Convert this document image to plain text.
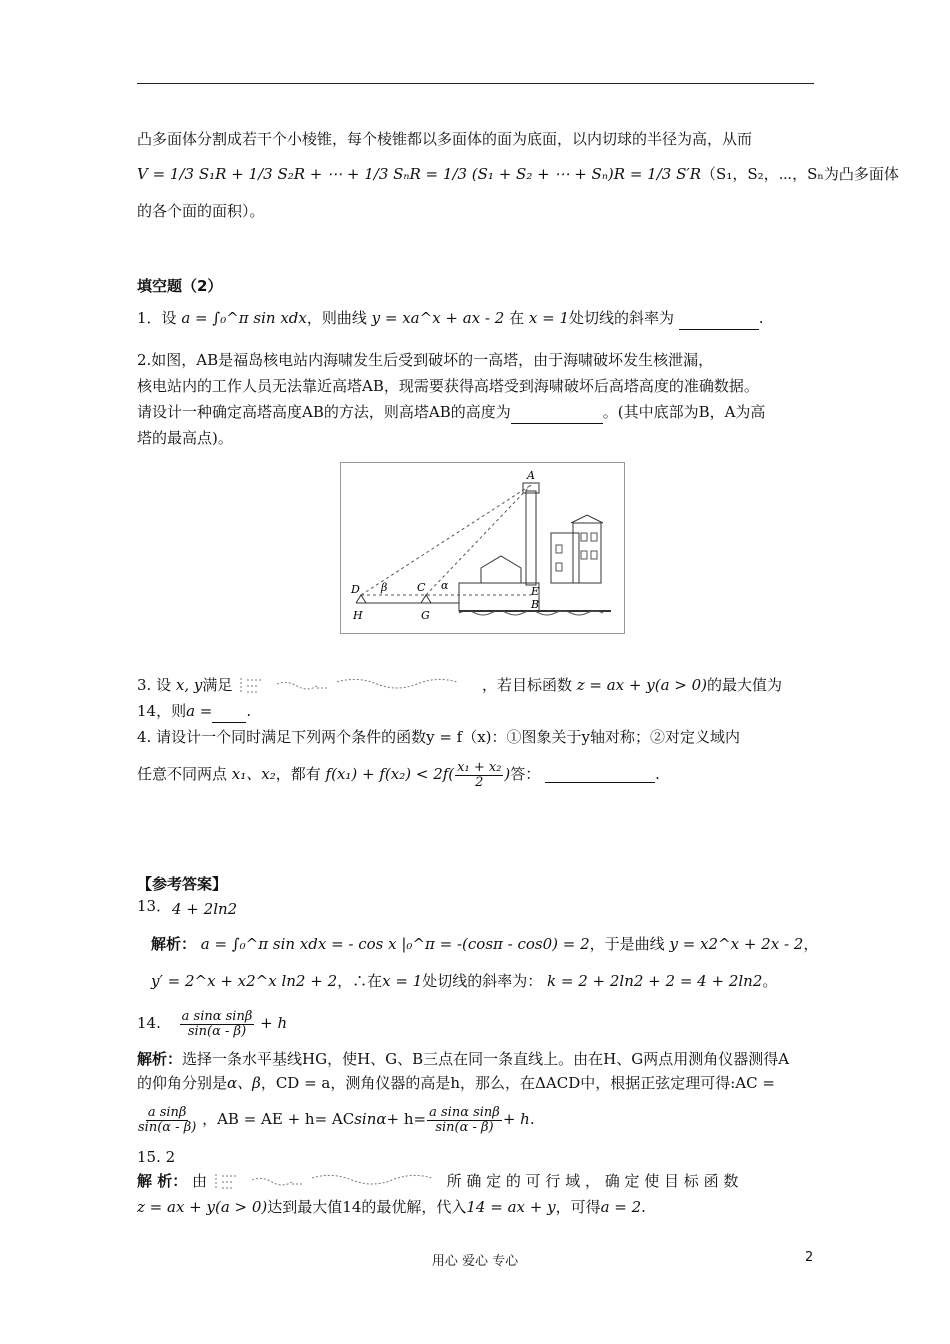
凸多面体分割成若干个小棱锥，每个棱锥都以多面体的面为底面，以内切球的半径为高，从而
V = 1/3 S₁R + 1/3 S₂R + ⋯ + 1/3 SₙR = 1/3 (S₁ + S₂ + ⋯ + Sₙ)R = 1/3 S′R（S₁，S₂，⋯，Sₙ为凸多面体
的各个面的面积）。
填空题（2）
1．设 a = ∫₀^π sin xdx，则曲线 y = xa^x + ax - 2 在 x = 1处切线的斜率为	.
2.如图，AB是福岛核电站内海啸发生后受到破坏的一高塔，由于海啸破坏发生核泄漏，
核电站内的工作人员无法靠近高塔AB，现需要获得高塔受到海啸破坏后高塔高度的准确数据。
请设计一种确定高塔高度AB的方法，则高塔AB的高度为	。(其中底部为B，A为高
塔的最高点)。
A
D β	C α	E
B
H	G
3. 设 x, y满足	，若目标函数 z = ax + y(a > 0)的最大值为
14，则a = .
4. 请设计一个同时满足下列两个条件的函数y = f（x)：①图象关于y轴对称；②对定义域内
任意不同两点 x₁、x₂，都有 $f(x_1) + f(x_2) < 2f( \frac{\text{x₁ + x₂}}{2}$ )答：	.
【参考答案】
13． 4 + 2ln2
解析： a = ∫₀^π sin xdx = - cos x |₀^π = -(cosπ - cos0) = 2，于是曲线 y = x2^x + 2x - 2，
y′ = 2^x + x2^x ln2 + 2，∴在x = 1处切线的斜率为： k = 2 + 2ln2 + 2 = 4 + 2ln2。
14. $\frac{\text{a sinα sinβ}}{\sin(\alpha - \beta)} + h$
解析：选择一条水平基线HG，使H、G、B三点在同一条直线上。由在H、G两点用测角仪器测得A
的仰角分别是α、β，CD = a，测角仪器的高是h，那么，在ΔACD中，根据正弦定理可得:AC =
$\frac{\text{a sinβ}}{\sin(\alpha - \beta)}$ ，AB = AE + $h= ACsin\alpha+ h= \frac{\text{a sinα sinβ}}{\sin(\alpha - \beta)} + h$.
15. 2
解 析： 由	所 确 定 的 可 行 域 ， 确 定 使 目 标 函 数
z = ax + y(a > 0)达到最大值14的最优解，代入14 = ax + y，可得a = 2.
用心 爱心 专心	2
